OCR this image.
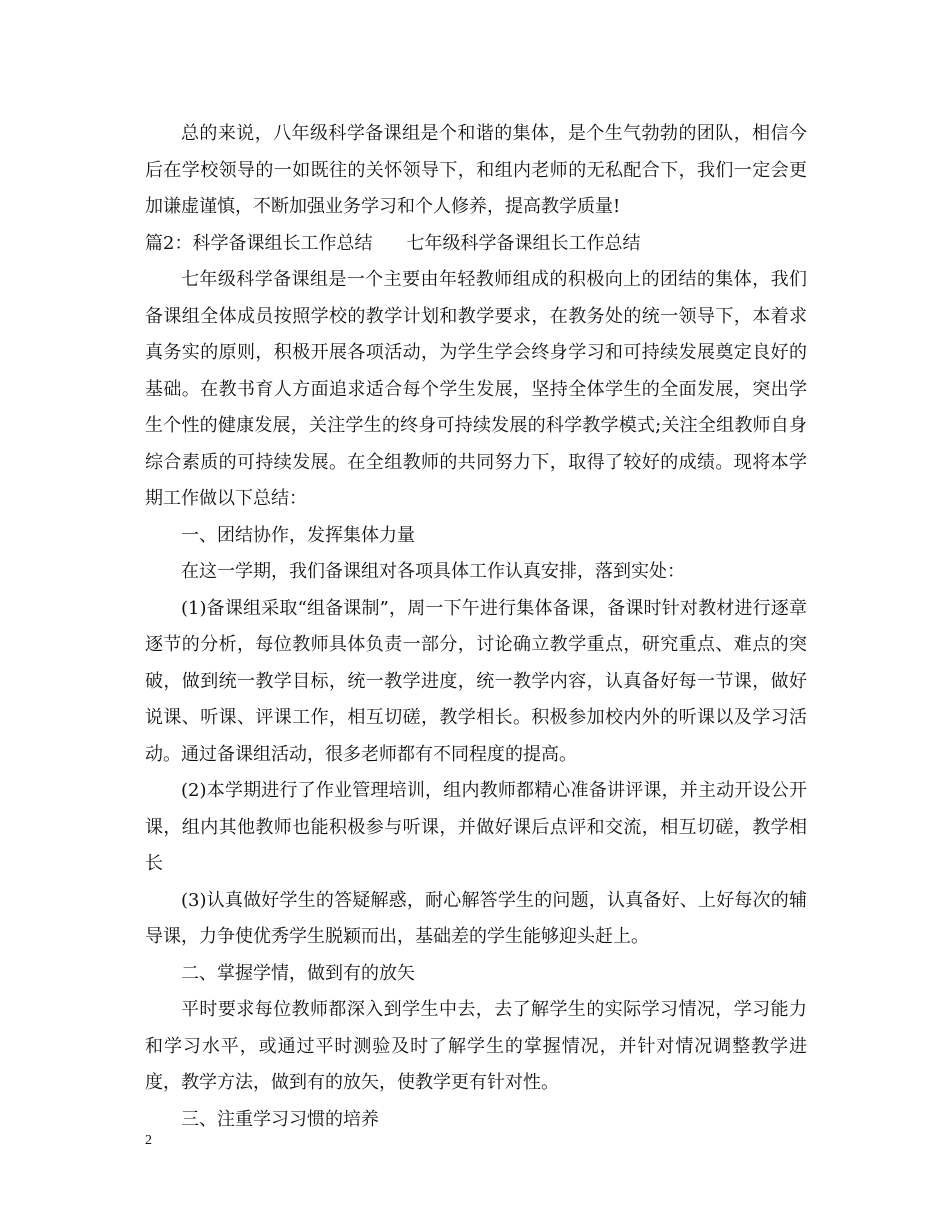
总的来说，八年级科学备课组是个和谐的集体，是个生气勃勃的团队，相信今后在学校领导的一如既往的关怀领导下，和组内老师的无私配合下，我们一定会更加谦虚谨慎，不断加强业务学习和个人修养，提高教学质量!

篇2：科学备课组长工作总结 七年级科学备课组长工作总结

七年级科学备课组是一个主要由年轻教师组成的积极向上的团结的集体，我们备课组全体成员按照学校的教学计划和教学要求，在教务处的统一领导下，本着求真务实的原则，积极开展各项活动，为学生学会终身学习和可持续发展奠定良好的基础。在教书育人方面追求适合每个学生发展，坚持全体学生的全面发展，突出学生个性的健康发展，关注学生的终身可持续发展的科学教学模式;关注全组教师自身综合素质的可持续发展。在全组教师的共同努力下，取得了较好的成绩。现将本学期工作做以下总结：

一、团结协作，发挥集体力量

在这一学期，我们备课组对各项具体工作认真安排，落到实处：

(1)备课组采取“组备课制”，周一下午进行集体备课，备课时针对教材进行逐章逐节的分析，每位教师具体负责一部分，讨论确立教学重点，研究重点、难点的突破，做到统一教学目标，统一教学进度，统一教学内容，认真备好每一节课，做好说课、听课、评课工作，相互切磋，教学相长。积极参加校内外的听课以及学习活动。通过备课组活动，很多老师都有不同程度的提高。

(2)本学期进行了作业管理培训，组内教师都精心准备讲评课，并主动开设公开课，组内其他教师也能积极参与听课，并做好课后点评和交流，相互切磋，教学相长

(3)认真做好学生的答疑解惑，耐心解答学生的问题，认真备好、上好每次的辅导课，力争使优秀学生脱颖而出，基础差的学生能够迎头赶上。

二、掌握学情，做到有的放矢

平时要求每位教师都深入到学生中去，去了解学生的实际学习情况，学习能力和学习水平，或通过平时测验及时了解学生的掌握情况，并针对情况调整教学进度，教学方法，做到有的放矢，使教学更有针对性。

三、注重学习习惯的培养

2
